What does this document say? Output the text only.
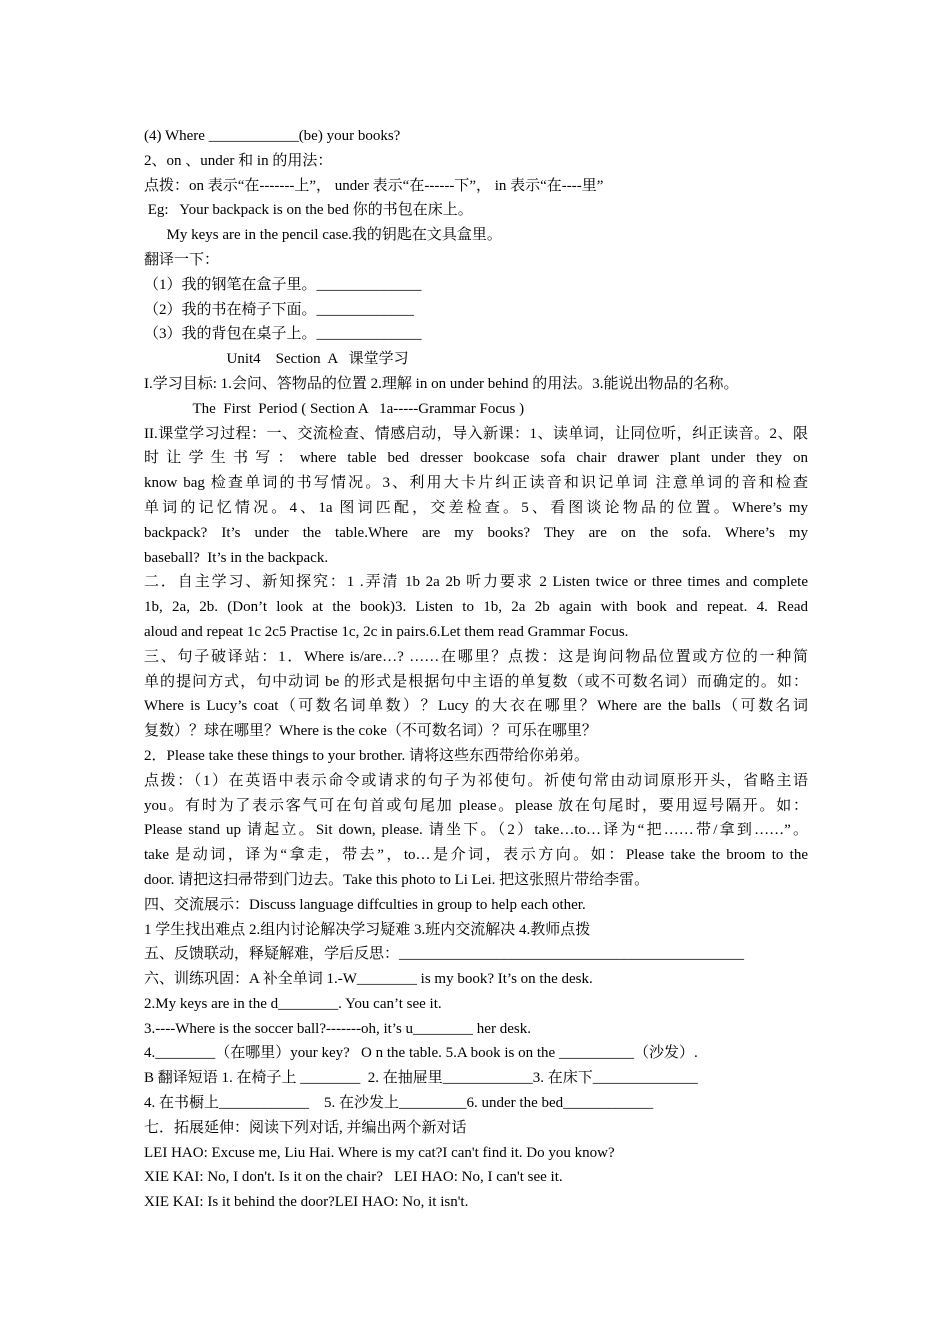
(4) Where ____________(be) your books?
2、on 、under 和 in 的用法：
点拨：on 表示“在-------上”， under 表示“在------下”， in 表示“在----里”
Eg:   Your backpack is on the bed 你的书包在床上。
My keys are in the pencil case.我的钥匙在文具盒里。
翻译一下：
（1）我的钢笔在盒子里。______________
（2）我的书在椅子下面。_____________
（3）我的背包在桌子上。______________
Unit4    Section  A   课堂学习
I.学习目标: 1.会问、答物品的位置 2.理解 in on under behind 的用法。3.能说出物品的名称。
The  First  Period ( Section A   1a-----Grammar Focus )
II.课堂学习过程：一、交流检查、情感启动，导入新课：1、读单词，让同位听，纠正读音。2、限
时让学生书写：where table bed dresser bookcase sofa chair drawer plant under they on
know bag 检查单词的书写情况。3、利用大卡片纠正读音和识记单词 注意单词的音和检查
单词的记忆情况。4、1a 图词匹配，交差检查。5、看图谈论物品的位置。Where’s my
backpack? It’s under the table.Where are my books? They are on the sofa. Where’s my
baseball?  It’s in the backpack.
二．自主学习、新知探究：1 .弄清 1b 2a 2b 听力要求 2 Listen twice or three times and complete
1b, 2a, 2b. (Don’t look at the book)3. Listen to 1b, 2a 2b again with book and repeat. 4. Read
aloud and repeat 1c 2c5 Practise 1c, 2c in pairs.6.Let them read Grammar Focus.
三、句子破译站：1．Where is/are…? ……在哪里？点拨：这是询问物品位置或方位的一种简
单的提问方式，句中动词 be 的形式是根据句中主语的单复数（或不可数名词）而确定的。如：
Where is Lucy’s coat（可数名词单数）？Lucy 的大衣在哪里？Where are the balls（可数名词
复数）？球在哪里？Where is the coke（不可数名词）？可乐在哪里？
2．Please take these things to your brother. 请将这些东西带给你弟弟。
点拨：（1）在英语中表示命令或请求的句子为祁使句。祈使句常由动词原形开头，省略主语
you。有时为了表示客气可在句首或句尾加 please。please 放在句尾时，要用逗号隔开。如：
Please stand up 请起立。Sit down, please. 请坐下。（2）take…to…译为“把……带/拿到……”。
take 是动词，译为“拿走，带去”，to…是介词，表示方向。如：Please take the broom to the
door. 请把这扫帚带到门边去。Take this photo to Li Lei. 把这张照片带给李雷。
四、交流展示：Discuss language diffculties in group to help each other.
1 学生找出难点 2.组内讨论解决学习疑难 3.班内交流解决 4.教师点拨
五、反馈联动，释疑解难，学后反思：______________________________________________
六、训练巩固：A 补全单词 1.-W________ is my book? It’s on the desk.
2.My keys are in the d________. You can’t see it.
3.----Where is the soccer ball?-------oh, it’s u________ her desk.
4.________（在哪里）your key?   O n the table. 5.A book is on the __________（沙发）.
B 翻译短语 1. 在椅子上 ________  2. 在抽屉里____________3. 在床下______________
4. 在书橱上____________    5. 在沙发上_________6. under the bed____________
七．拓展延伸：阅读下列对话, 并编出两个新对话
LEI HAO: Excuse me, Liu Hai. Where is my cat?I can't find it. Do you know?
XIE KAI: No, I don't. Is it on the chair?   LEI HAO: No, I can't see it.
XIE KAI: Is it behind the door?LEI HAO: No, it isn't.
